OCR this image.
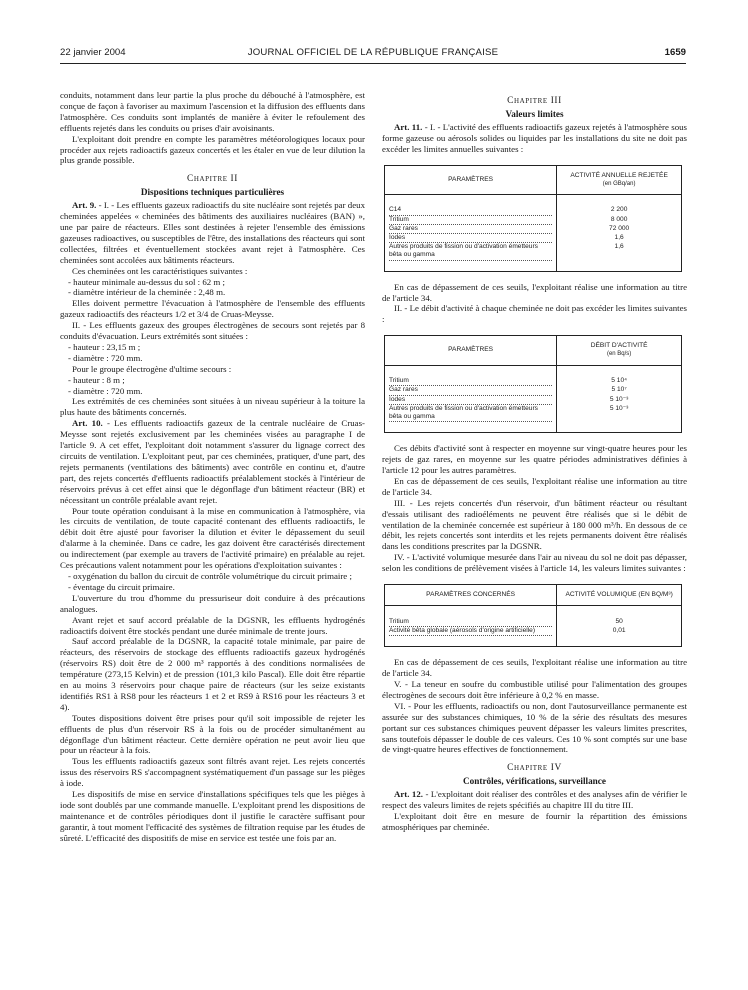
22 janvier 2004	JOURNAL OFFICIEL DE LA RÉPUBLIQUE FRANÇAISE	1659

conduits, notamment dans leur partie la plus proche du débouché à l'atmosphère, est conçue de façon à favoriser au maximum l'ascension et la diffusion des effluents dans l'atmosphère. Ces conduits sont implantés de manière à éviter le refoulement des effluents rejetés dans les conduits ou prises d'air avoisinants.

L'exploitant doit prendre en compte les paramètres météorologiques locaux pour procéder aux rejets radioactifs gazeux concertés et les étaler en vue de leur dilution la plus grande possible.

Chapitre II
Dispositions techniques particulières

Art. 9. - I. - Les effluents gazeux radioactifs du site nucléaire sont rejetés par deux cheminées appelées « cheminées des bâtiments des auxiliaires nucléaires (BAN) », une par paire de réacteurs. Elles sont destinées à rejeter l'ensemble des émissions gazeuses radioactives, ou susceptibles de l'être, des installations des réacteurs qui sont collectées, filtrées et éventuellement stockées avant rejet à l'atmosphère. Ces cheminées sont accolées aux bâtiments réacteurs.

Ces cheminées ont les caractéristiques suivantes :

- hauteur minimale au-dessus du sol : 62 m ;

- diamètre intérieur de la cheminée : 2,48 m.

Elles doivent permettre l'évacuation à l'atmosphère de l'ensemble des effluents gazeux radioactifs des réacteurs 1/2 et 3/4 de Cruas-Meysse.

II. - Les effluents gazeux des groupes électrogènes de secours sont rejetés par 8 conduits d'évacuation. Leurs extrémités sont situées :

- hauteur : 23,15 m ;

- diamètre : 720 mm.

Pour le groupe électrogène d'ultime secours :

- hauteur : 8 m ;

- diamètre : 720 mm.

Les extrémités de ces cheminées sont situées à un niveau supérieur à la toiture la plus haute des bâtiments concernés.

Art. 10. - Les effluents radioactifs gazeux de la centrale nucléaire de Cruas-Meysse sont rejetés exclusivement par les cheminées visées au paragraphe I de l'article 9. A cet effet, l'exploitant doit notamment s'assurer du lignage correct des circuits de ventilation. L'exploitant peut, par ces cheminées, pratiquer, d'une part, des rejets permanents (ventilations des bâtiments) avec contrôle en continu et, d'autre part, des rejets concertés d'effluents radioactifs préalablement stockés à l'intérieur de réservoirs prévus à cet effet ainsi que le dégonflage d'un bâtiment réacteur (BR) et nécessitant un contrôle préalable avant rejet.

Pour toute opération conduisant à la mise en communication à l'atmosphère, via les circuits de ventilation, de toute capacité contenant des effluents radioactifs, le débit doit être ajusté pour favoriser la dilution et éviter le dépassement du seuil d'alarme à la cheminée. Dans ce cadre, les gaz doivent être caractérisés directement ou indirectement (par exemple au travers de l'activité primaire) en préalable au rejet. Ces précautions valent notamment pour les opérations d'exploitation suivantes :

- oxygénation du ballon du circuit de contrôle volumétrique du circuit primaire ;

- éventage du circuit primaire.

L'ouverture du trou d'homme du pressuriseur doit conduire à des précautions analogues.

Avant rejet et sauf accord préalable de la DGSNR, les effluents hydrogénés radioactifs doivent être stockés pendant une durée minimale de trente jours.

Sauf accord préalable de la DGSNR, la capacité totale minimale, par paire de réacteurs, des réservoirs de stockage des effluents radioactifs gazeux hydrogénés (réservoirs RS) doit être de 2 000 m³ rapportés à des conditions normalisées de température (273,15 Kelvin) et de pression (101,3 kilo Pascal). Elle doit être répartie en au moins 3 réservoirs pour chaque paire de réacteurs (sur les seize existants identifiés RS1 à RS8 pour les réacteurs 1 et 2 et RS9 à RS16 pour les réacteurs 3 et 4).

Toutes dispositions doivent être prises pour qu'il soit impossible de rejeter les effluents de plus d'un réservoir RS à la fois ou de procéder simultanément au dégonflage d'un bâtiment réacteur. Cette dernière opération ne peut avoir lieu que pour un réacteur à la fois.

Tous les effluents radioactifs gazeux sont filtrés avant rejet. Les rejets concertés issus des réservoirs RS s'accompagnent systématiquement d'un passage sur les pièges à iode.

Les dispositifs de mise en service d'installations spécifiques tels que les pièges à iode sont doublés par une commande manuelle. L'exploitant prend les dispositions de maintenance et de contrôles périodiques dont il justifie le caractère suffisant pour garantir, à tout moment l'efficacité des systèmes de filtration requise par les études de sûreté. L'efficacité des dispositifs de mise en service est testée une fois par an.

Chapitre III
Valeurs limites

Art. 11. - I. - L'activité des effluents radioactifs gazeux rejetés à l'atmosphère sous forme gazeuse ou aérosols solides ou liquides par les installations du site ne doit pas excéder les limites annuelles suivantes :

PARAMÈTRES	ACTIVITÉ ANNUELLE REJETÉE
(en GBq/an)

C14	2 200

Tritium	8 000

Gaz rares	72 000

Iodes	1,6

Autres produits de fission ou d'activation émetteurs bêta ou gamma	1,6

En cas de dépassement de ces seuils, l'exploitant réalise une information au titre de l'article 34.

II. - Le débit d'activité à chaque cheminée ne doit pas excéder les limites suivantes :

PARAMÈTRES	DÉBIT D'ACTIVITÉ
(en Bq/s)

Tritium	5 10⁴

Gaz rares	5 10⁷

Iodes	5 10⁻³

Autres produits de fission ou d'activation émetteurs bêta ou gamma	5 10⁻³

Ces débits d'activité sont à respecter en moyenne sur vingt-quatre heures pour les rejets de gaz rares, en moyenne sur les quatre périodes administratives définies à l'article 12 pour les autres paramètres.

En cas de dépassement de ces seuils, l'exploitant réalise une information au titre de l'article 34.

III. - Les rejets concertés d'un réservoir, d'un bâtiment réacteur ou résultant d'essais utilisant des radioéléments ne peuvent être réalisés que si le débit de ventilation de la cheminée concernée est supérieur à 180 000 m³/h. En dessous de ce débit, les rejets concertés sont interdits et les rejets permanents doivent être réalisés dans les conditions prescrites par la DGSNR.

IV. - L'activité volumique mesurée dans l'air au niveau du sol ne doit pas dépasser, selon les conditions de prélèvement visées à l'article 14, les valeurs limites suivantes :

PARAMÈTRES CONCERNÉS	ACTIVITÉ VOLUMIQUE (EN BQ/M³)

Tritium	50

Activité bêta globale (aérosols d'origine artificielle)	0,01

En cas de dépassement de ces seuils, l'exploitant réalise une information au titre de l'article 34.

V. - La teneur en soufre du combustible utilisé pour l'alimentation des groupes électrogènes de secours doit être inférieure à 0,2 % en masse.

VI. - Pour les effluents, radioactifs ou non, dont l'autosurveillance permanente est assurée sur des substances chimiques, 10 % de la série des résultats des mesures portant sur ces substances chimiques peuvent dépasser les valeurs limites prescrites, sans toutefois dépasser le double de ces valeurs. Ces 10 % sont comptés sur une base de vingt-quatre heures effectives de fonctionnement.

Chapitre IV
Contrôles, vérifications, surveillance

Art. 12. - L'exploitant doit réaliser des contrôles et des analyses afin de vérifier le respect des valeurs limites de rejets spécifiés au chapitre III du titre III.

L'exploitant doit être en mesure de fournir la répartition des émissions atmosphériques par cheminée.
